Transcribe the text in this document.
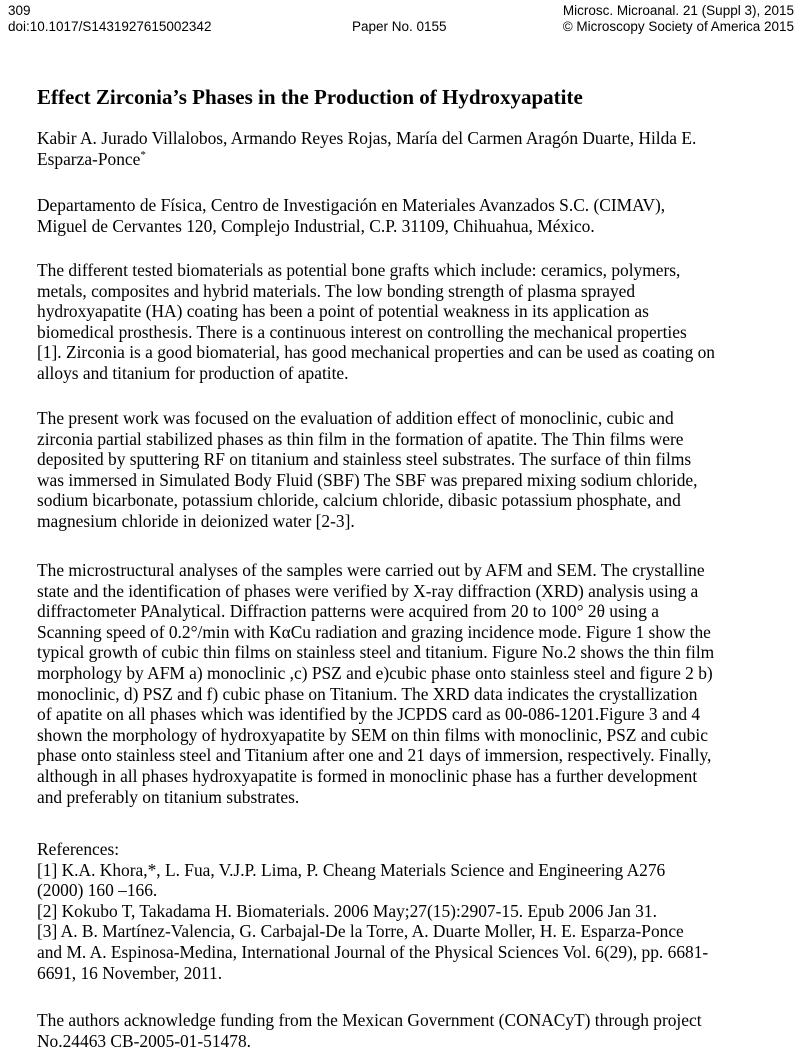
309
doi:10.1017/S1431927615002342	Paper No. 0155
Microsc. Microanal. 21 (Suppl 3), 2015
© Microscopy Society of America 2015
Effect Zirconia’s Phases in the Production of Hydroxyapatite
Kabir A. Jurado Villalobos, Armando Reyes Rojas, María del Carmen Aragón Duarte, Hilda E.
Esparza-Ponce*
Departamento de Física, Centro de Investigación en Materiales Avanzados S.C. (CIMAV),
Miguel de Cervantes 120, Complejo Industrial, C.P. 31109, Chihuahua, México.
The different tested biomaterials as potential bone grafts which include: ceramics, polymers,
metals, composites and hybrid materials. The low bonding strength of plasma sprayed
hydroxyapatite (HA) coating has been a point of potential weakness in its application as
biomedical prosthesis. There is a continuous interest on controlling the mechanical properties
[1]. Zirconia is a good biomaterial, has good mechanical properties and can be used as coating on
alloys and titanium for production of apatite.
The present work was focused on the evaluation of addition effect of monoclinic, cubic and
zirconia partial stabilized phases as thin film in the formation of apatite. The Thin films were
deposited by sputtering RF on titanium and stainless steel substrates. The surface of thin films
was immersed in Simulated Body Fluid (SBF) The SBF was prepared mixing sodium chloride,
sodium bicarbonate, potassium chloride, calcium chloride, dibasic potassium phosphate, and
magnesium chloride in deionized water [2-3].
The microstructural analyses of the samples were carried out by AFM and SEM. The crystalline
state and the identification of phases were verified by X-ray diffraction (XRD) analysis using a
diffractometer PAnalytical. Diffraction patterns were acquired from 20 to 100° 2θ using a
Scanning speed of 0.2°/min with KαCu radiation and grazing incidence mode. Figure 1 show the
typical growth of cubic thin films on stainless steel and titanium. Figure No.2 shows the thin film
morphology by AFM a) monoclinic ,c) PSZ and e)cubic phase onto stainless steel and figure 2 b)
monoclinic, d) PSZ and f) cubic phase on Titanium. The XRD data indicates the crystallization
of apatite on all phases which was identified by the JCPDS card as 00-086-1201.Figure 3 and 4
shown the morphology of hydroxyapatite by SEM on thin films with monoclinic, PSZ and cubic
phase onto stainless steel and Titanium after one and 21 days of immersion, respectively. Finally,
although in all phases hydroxyapatite is formed in monoclinic phase has a further development
and preferably on titanium substrates.
References:
[1] K.A. Khora,*, L. Fua, V.J.P. Lima, P. Cheang Materials Science and Engineering A276
(2000) 160 –166.
[2] Kokubo T, Takadama H. Biomaterials. 2006 May;27(15):2907-15. Epub 2006 Jan 31.
[3] A. B. Martínez-Valencia, G. Carbajal-De la Torre, A. Duarte Moller, H. E. Esparza-Ponce
and M. A. Espinosa-Medina, International Journal of the Physical Sciences Vol. 6(29), pp. 6681-
6691, 16 November, 2011.
The authors acknowledge funding from the Mexican Government (CONACyT) through project
No.24463 CB-2005-01-51478.
